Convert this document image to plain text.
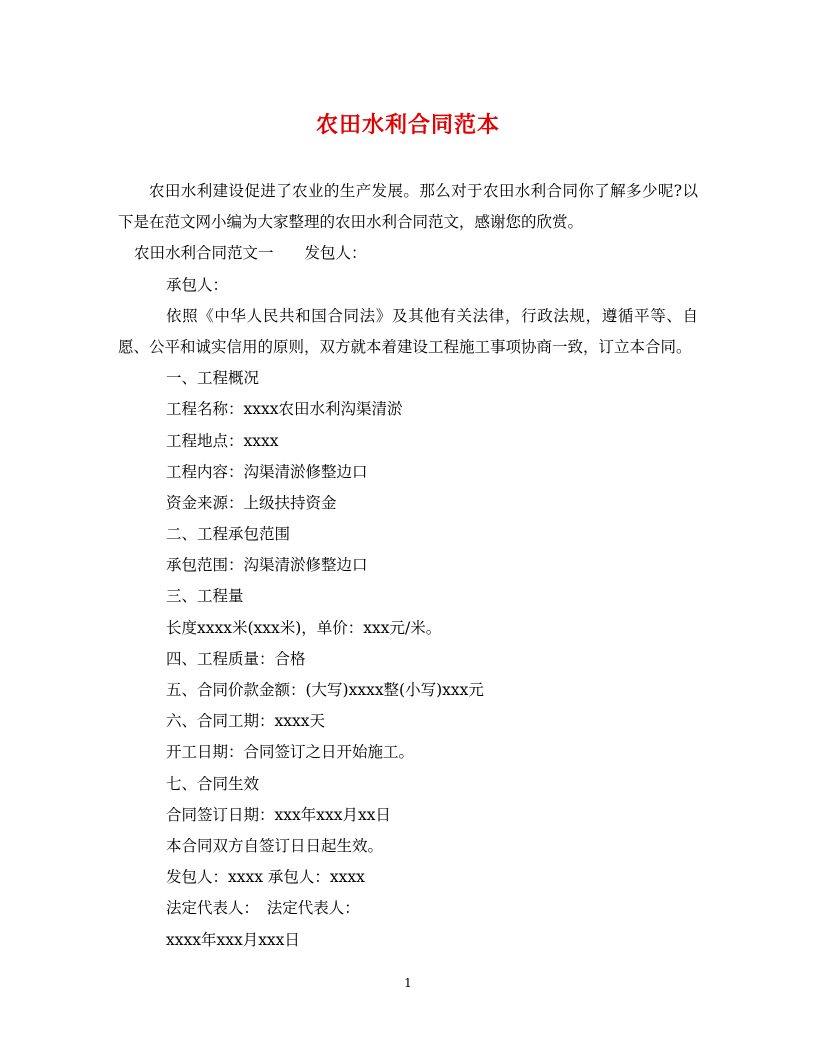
农田水利合同范本
农田水利建设促进了农业的生产发展。那么对于农田水利合同你了解多少呢?以
下是在范文网小编为大家整理的农田水利合同范文，感谢您的欣赏。
农田水利合同范文一　　发包人：
承包人：
依照《中华人民共和国合同法》及其他有关法律，行政法规，遵循平等、自
愿、公平和诚实信用的原则，双方就本着建设工程施工事项协商一致，订立本合同。
一、工程概况
工程名称：xxxx农田水利沟渠清淤
工程地点：xxxx
工程内容：沟渠清淤修整边口
资金来源：上级扶持资金
二、工程承包范围
承包范围：沟渠清淤修整边口
三、工程量
长度xxxx米(xxx米)，单价：xxx元/米。
四、工程质量：合格
五、合同价款金额：(大写)xxxx整(小写)xxx元
六、合同工期：xxxx天
开工日期：合同签订之日开始施工。
七、合同生效
合同签订日期：xxx年xxx月xx日
本合同双方自签订日日起生效。
发包人：xxxx 承包人：xxxx
法定代表人：　法定代表人：
xxxx年xxx月xxx日
1
